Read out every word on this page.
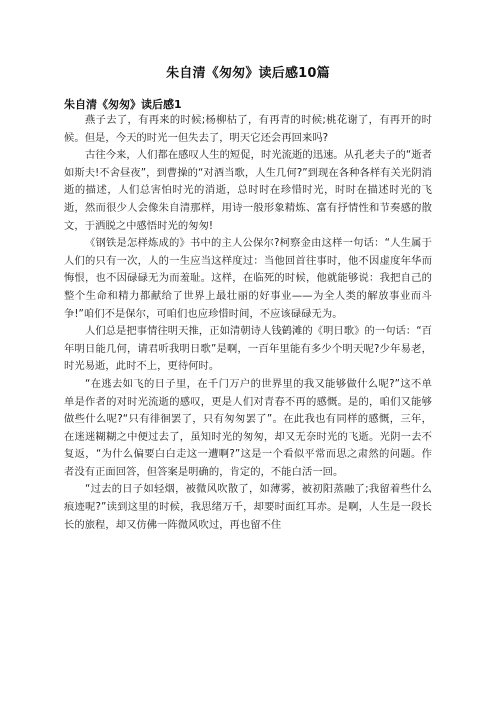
朱自清《匆匆》读后感10篇
朱自清《匆匆》读后感1

燕子去了，有再来的时候;杨柳枯了，有再青的时候;桃花谢了，有再开的时候。但是，今天的时光一但失去了，明天它还会再回来吗?

古往今来，人们都在感叹人生的短促，时光流逝的迅速。从孔老夫子的“逝者如斯夫!不舍昼夜”，到曹操的“对酒当歌，人生几何?”到现在各种各样有关光阴消逝的描述，人们总害怕时光的消逝，总时时在珍惜时光，时时在描述时光的飞逝，然而很少人会像朱自清那样，用诗一般形象精炼、富有抒情性和节奏感的散文，于洒脱之中感悟时光的匆匆!

《钢铁是怎样炼成的》书中的主人公保尔?柯察金由这样一句话：“人生属于人们的只有一次，人的一生应当这样度过：当他回首往事时，他不因虚度年华而悔恨，也不因碌碌无为而羞耻。这样，在临死的时候，他就能够说：我把自己的整个生命和精力都献给了世界上最壮丽的好事业——为全人类的解放事业而斗争!”咱们不是保尔，可咱们也应珍惜时间，不应该碌碌无为。

人们总是把事情往明天推，正如清朝诗人钱鹤滩的《明日歌》的一句话：“百年明日能几何，请君听我明日歌”是啊，一百年里能有多少个明天呢?少年易老，时光易逝，此时不上，更待何时。

“在逃去如飞的日子里，在千门万户的世界里的我又能够做什么呢?”这不单单是作者的对时光流逝的感叹，更是人们对青春不再的感慨。是的，咱们又能够做些什么呢?“只有徘徊罢了，只有匆匆罢了”。在此我也有同样的感慨，三年，在迷迷糊糊之中便过去了，虽知时光的匆匆，却又无奈时光的飞逝。光阴一去不复返，“为什么偏要白白走这一遭啊?”这是一个看似平常而思之肃然的问题。作者没有正面回答，但答案是明确的，肯定的，不能白活一回。

“过去的日子如轻烟，被微风吹散了，如薄雾，被初阳蒸融了;我留着些什么痕迹呢?”读到这里的时候，我思绪万千，却要时面红耳赤。是啊，人生是一段长长的旅程，却又仿佛一阵微风吹过，再也留不住
